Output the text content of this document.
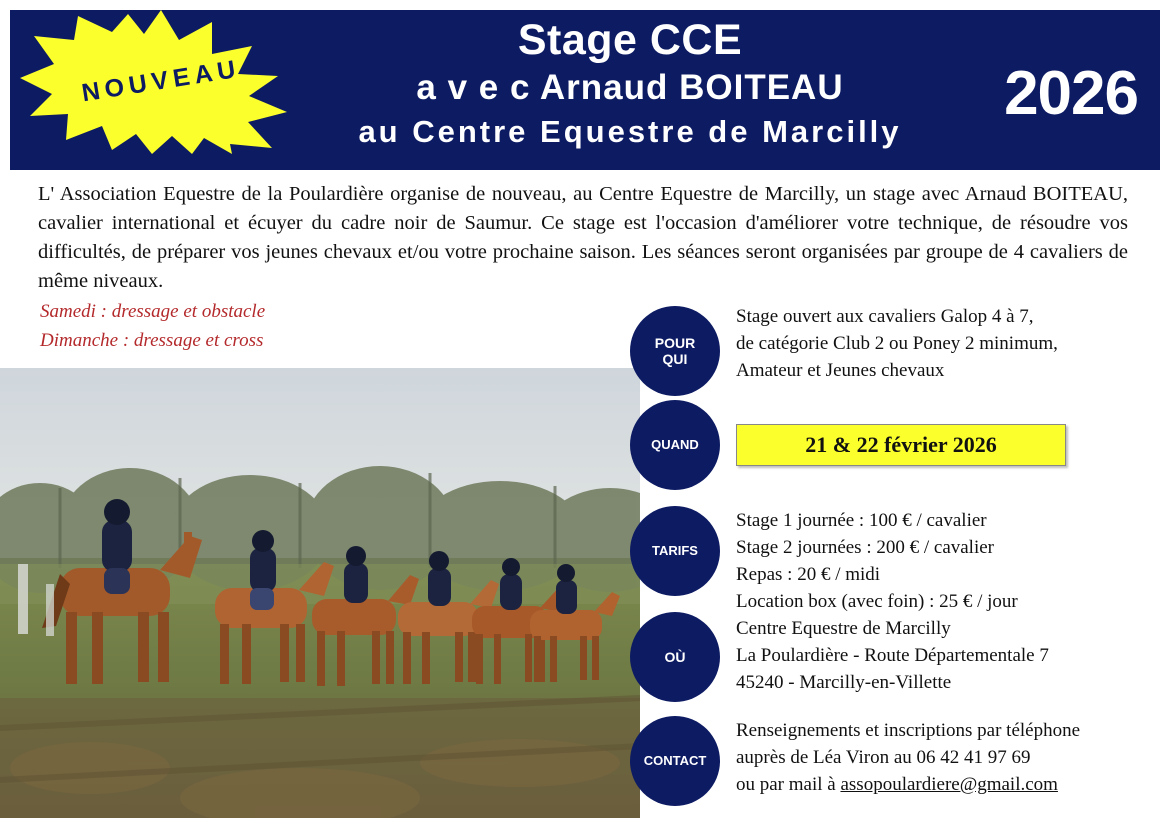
Stage CCE
a v e c Arnaud BOITEAU
au Centre Equestre de Marcilly
2026
NOUVEAU
L' Association Equestre de la Poulardière organise de nouveau, au Centre Equestre de Marcilly, un stage avec Arnaud BOITEAU, cavalier international et écuyer du cadre noir de Saumur. Ce stage est l'occasion d'améliorer votre technique, de résoudre vos difficultés, de préparer vos jeunes chevaux et/ou votre prochaine saison. Les séances seront organisées par groupe de 4 cavaliers de même niveaux.
Samedi : dressage et obstacle
Dimanche : dressage et cross	POUR
QUI
Stage ouvert aux cavaliers Galop 4 à 7,
de catégorie Club 2 ou Poney 2 minimum,
Amateur et Jeunes chevaux
QUAND	21 & 22 février 2026
TARIFS
Stage 1 journée : 100 € / cavalier
Stage 2 journées : 200 € / cavalier
Repas : 20 € / midi
Location box (avec foin) : 25 € / jour
OÙ
Centre Equestre de Marcilly
La Poulardière - Route Départementale 7
45240 - Marcilly-en-Villette
CONTACT
Renseignements et inscriptions par téléphone
auprès de Léa Viron au 06 42 41 97 69
ou par mail à assopoulardiere@gmail.com
